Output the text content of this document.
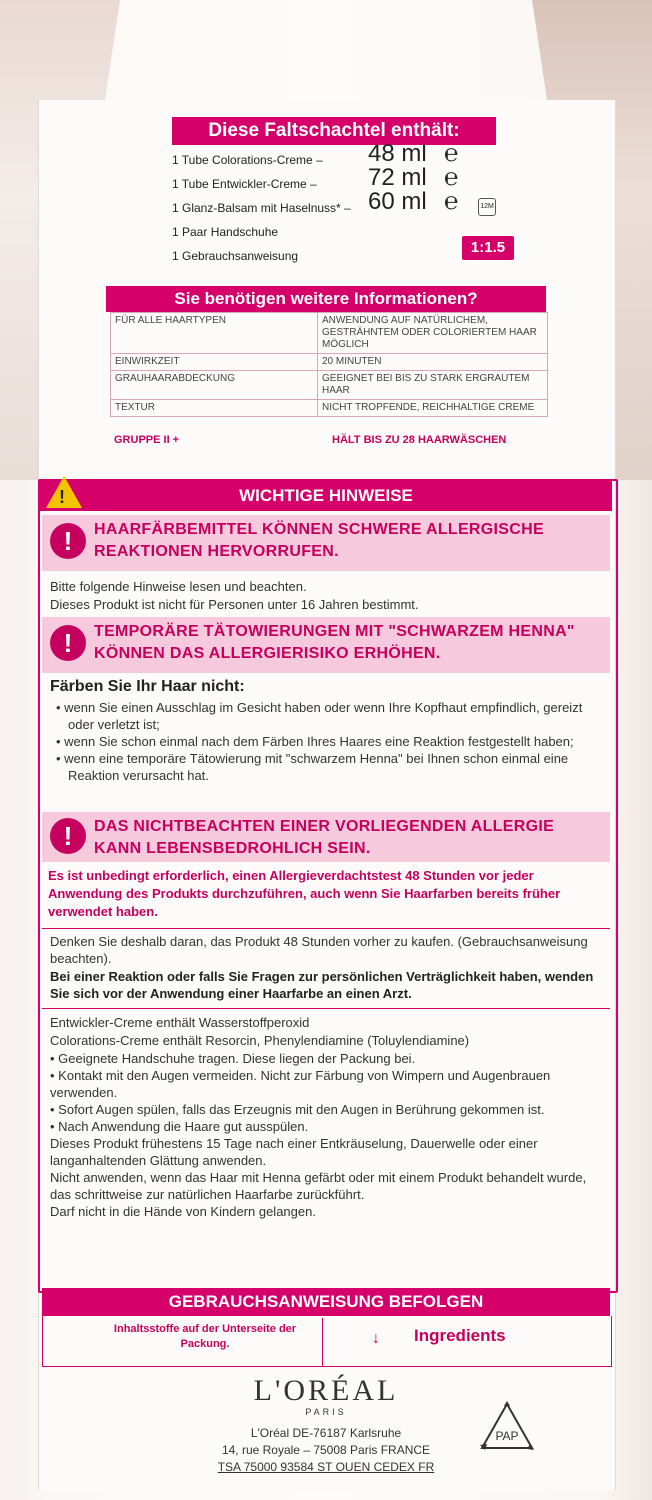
Diese Faltschachtel enthält:
1 Tube Colorations-Creme – 48 ml ℮
1 Tube Entwickler-Creme – 72 ml ℮
1 Glanz-Balsam mit Haselnuss* – 60 ml ℮	12M
1 Paar Handschuhe
1 Gebrauchsanweisung	1:1.5
Sie benötigen weitere Informationen?
FÜR ALLE HAARTYPEN	ANWENDUNG AUF NATÜRLICHEM, GESTRÄHNTEM ODER COLORIERTEM HAAR MÖGLICH
EINWIRKZEIT	20 MINUTEN
GRAUHAARABDECKUNG	GEEIGNET BEI BIS ZU STARK ERGRAUTEM HAAR
TEXTUR	NICHT TROPFENDE, REICHHALTIGE CREME
GRUPPE II +	HÄLT BIS ZU 28 HAARWÄSCHEN
WICHTIGE HINWEISE
!
!	HAARFÄRBEMITTEL KÖNNEN SCHWERE ALLERGISCHE REAKTIONEN HERVORRUFEN.
Bitte folgende Hinweise lesen und beachten.
Dieses Produkt ist nicht für Personen unter 16 Jahren bestimmt.
!	TEMPORÄRE TÄTOWIERUNGEN MIT "SCHWARZEM HENNA" KÖNNEN DAS ALLERGIERISIKO ERHÖHEN.
Färben Sie Ihr Haar nicht:
• wenn Sie einen Ausschlag im Gesicht haben oder wenn Ihre Kopfhaut empfindlich, gereizt oder verletzt ist;
• wenn Sie schon einmal nach dem Färben Ihres Haares eine Reaktion festgestellt haben;
• wenn eine temporäre Tätowierung mit "schwarzem Henna" bei Ihnen schon einmal eine Reaktion verursacht hat.
!	DAS NICHTBEACHTEN EINER VORLIEGENDEN ALLERGIE KANN LEBENSBEDROHLICH SEIN.
Es ist unbedingt erforderlich, einen Allergieverdachtstest 48 Stunden vor jeder Anwendung des Produkts durchzuführen, auch wenn Sie Haarfarben bereits früher verwendet haben.
Denken Sie deshalb daran, das Produkt 48 Stunden vorher zu kaufen. (Gebrauchsanweisung beachten).
Bei einer Reaktion oder falls Sie Fragen zur persönlichen Verträglichkeit haben, wenden Sie sich vor der Anwendung einer Haarfarbe an einen Arzt.
Entwickler-Creme enthält Wasserstoffperoxid
Colorations-Creme enthält Resorcin, Phenylendiamine (Toluylendiamine)
• Geeignete Handschuhe tragen. Diese liegen der Packung bei.
• Kontakt mit den Augen vermeiden. Nicht zur Färbung von Wimpern und Augenbrauen verwenden.
• Sofort Augen spülen, falls das Erzeugnis mit den Augen in Berührung gekommen ist.
• Nach Anwendung die Haare gut ausspülen.
Dieses Produkt frühestens 15 Tage nach einer Entkräuselung, Dauerwelle oder einer langanhaltenden Glättung anwenden.
Nicht anwenden, wenn das Haar mit Henna gefärbt oder mit einem Produkt behandelt wurde, das schrittweise zur natürlichen Haarfarbe zurückführt.
Darf nicht in die Hände von Kindern gelangen.
GEBRAUCHSANWEISUNG BEFOLGEN
Inhaltsstoffe auf der Unterseite der Packung.	↓ Ingredients
L'ORÉAL
PARIS
L'Oréal DE-76187 Karlsruhe
14, rue Royale – 75008 Paris FRANCE
TSA 75000 93584 ST OUEN CEDEX FR
PAP
